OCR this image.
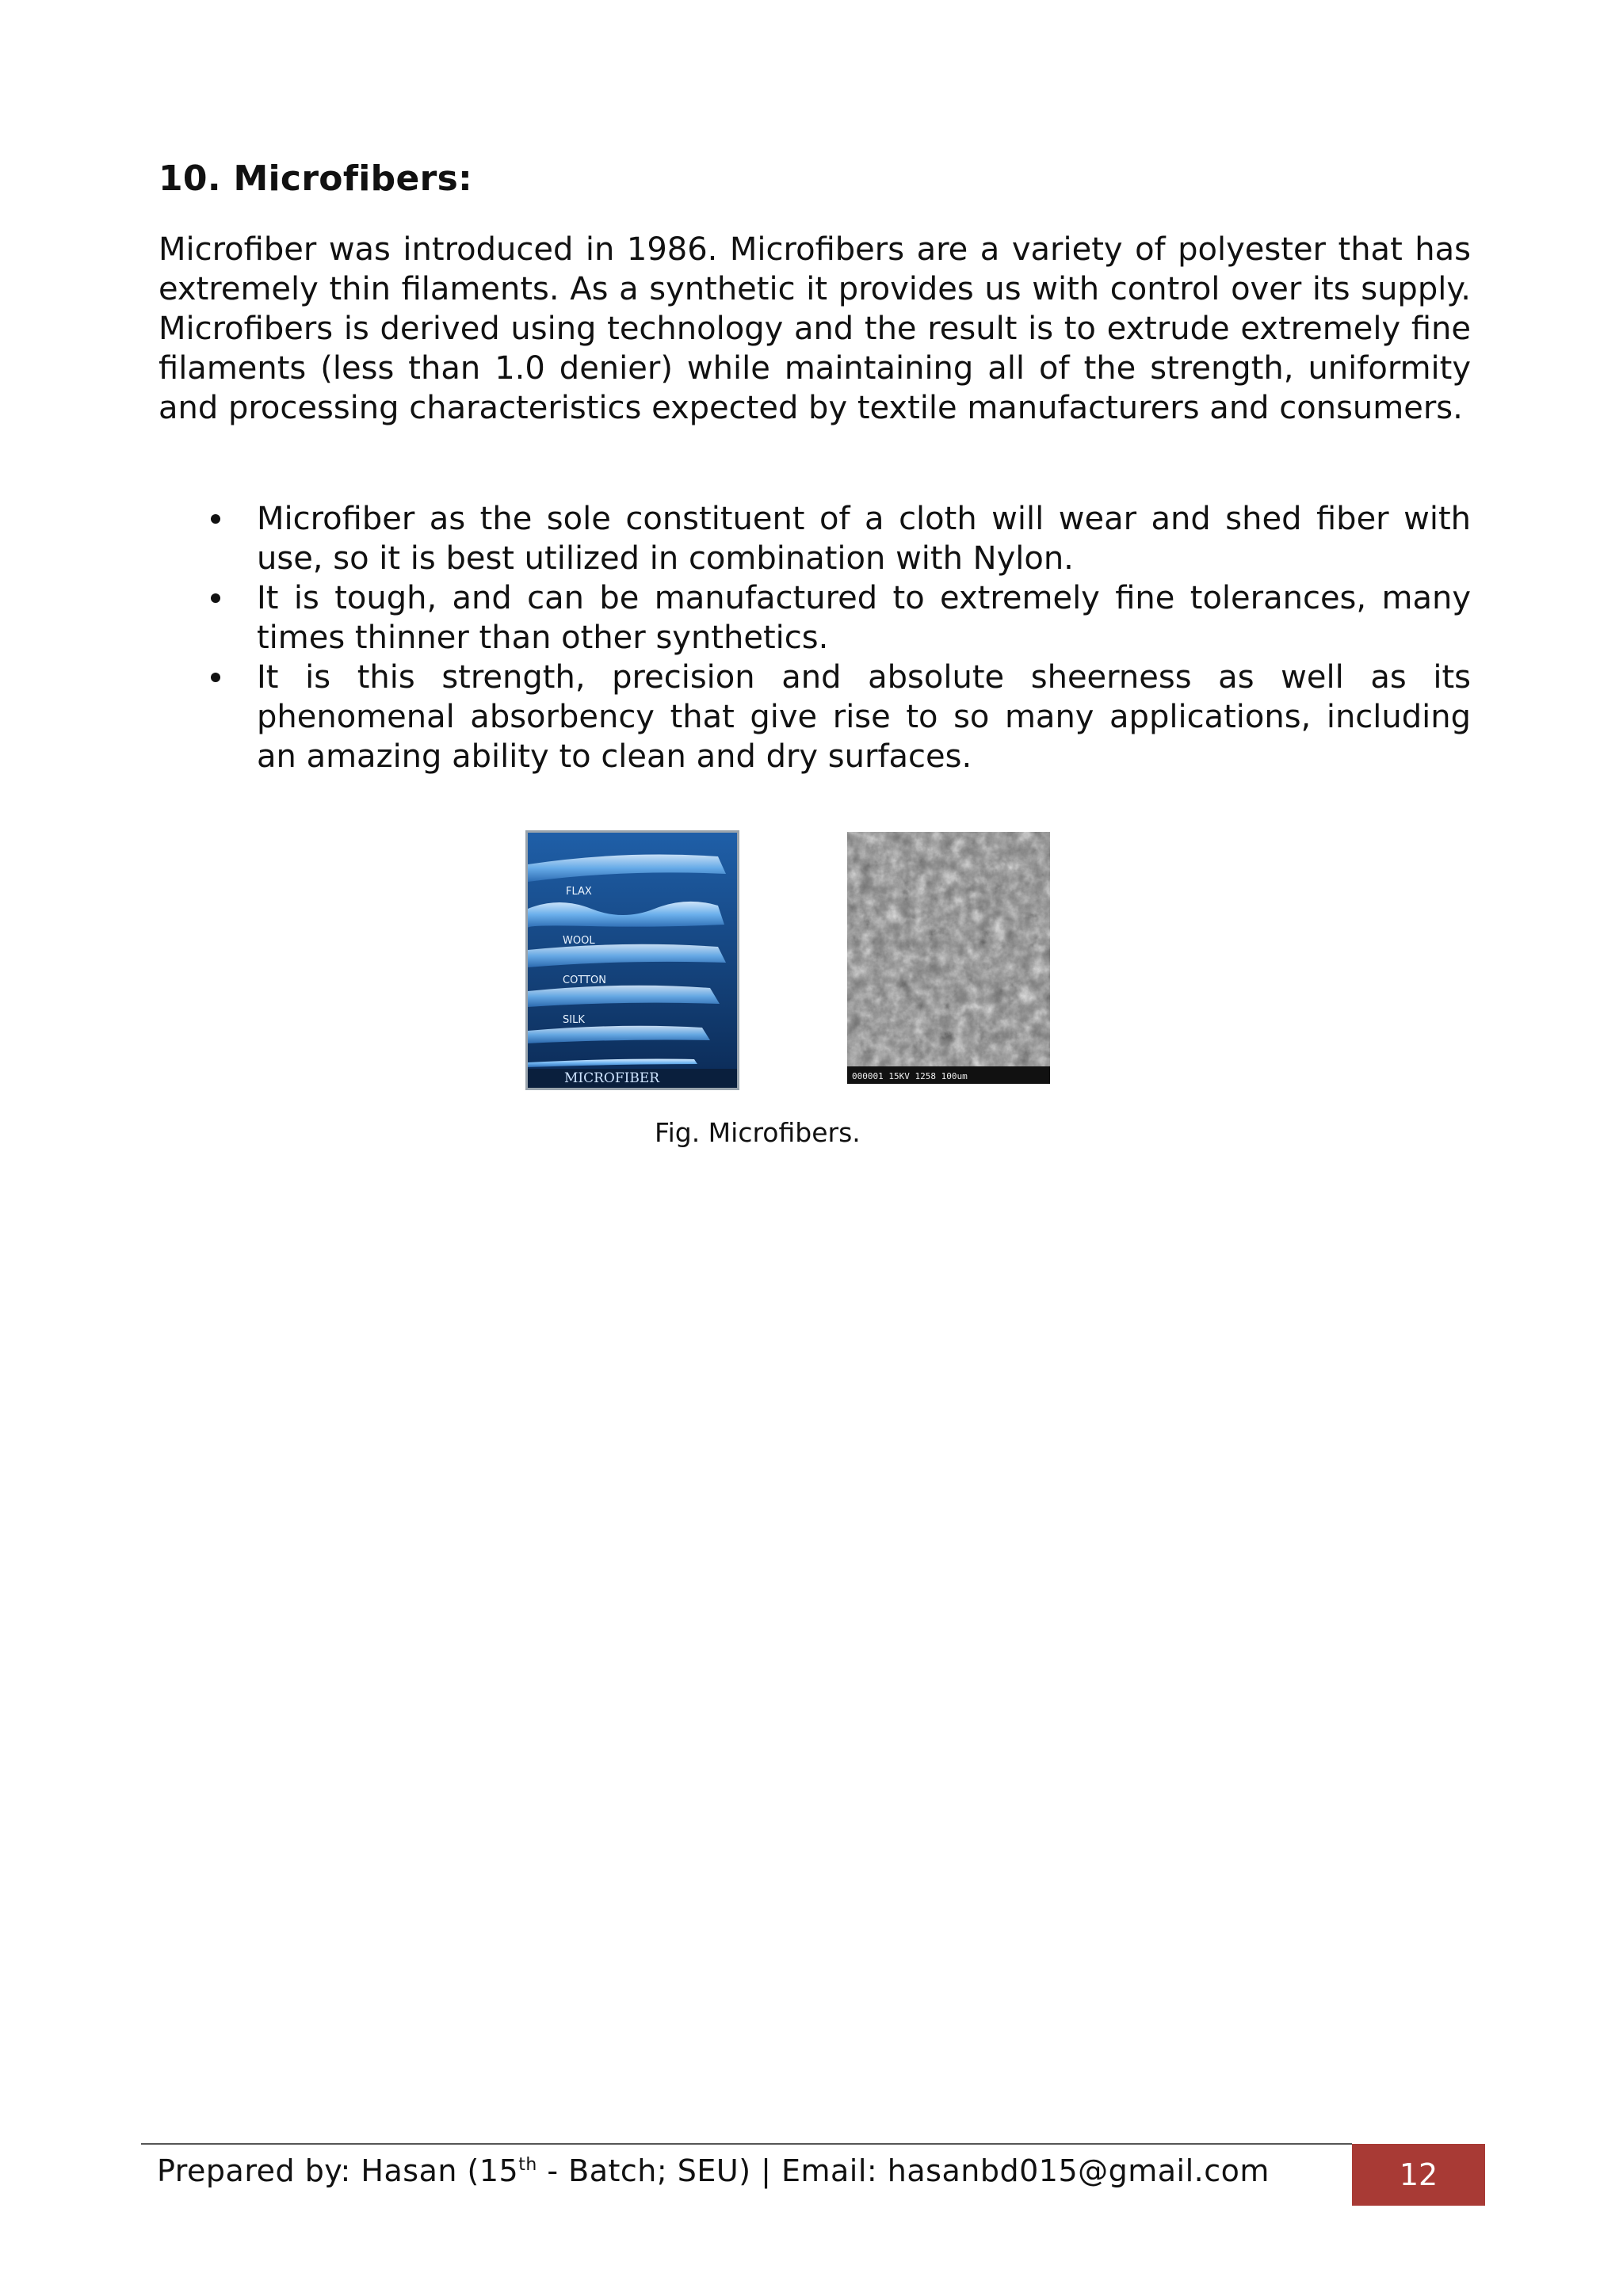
10. Microfibers:

Microfiber was introduced in 1986. Microfibers are a variety of polyester that has extremely thin filaments. As a synthetic it provides us with control over its supply. Microfibers is derived using technology and the result is to extrude extremely fine filaments (less than 1.0 denier) while maintaining all of the strength, uniformity and processing characteristics expected by textile manufacturers and consumers.

Microfiber as the sole constituent of a cloth will wear and shed fiber with use, so it is best utilized in combination with Nylon.
It is tough, and can be manufactured to extremely fine tolerances, many times thinner than other synthetics.
It is this strength, precision and absolute sheerness as well as its phenomenal absorbency that give rise to so many applications, including an amazing ability to clean and dry surfaces.
FLAX
WOOL
COTTON
SILK
MICROFIBER	000001 15KV 1258 100um

Fig. Microfibers.

Prepared by: Hasan (15th - Batch; SEU) | Email: hasanbd015@gmail.com	12
